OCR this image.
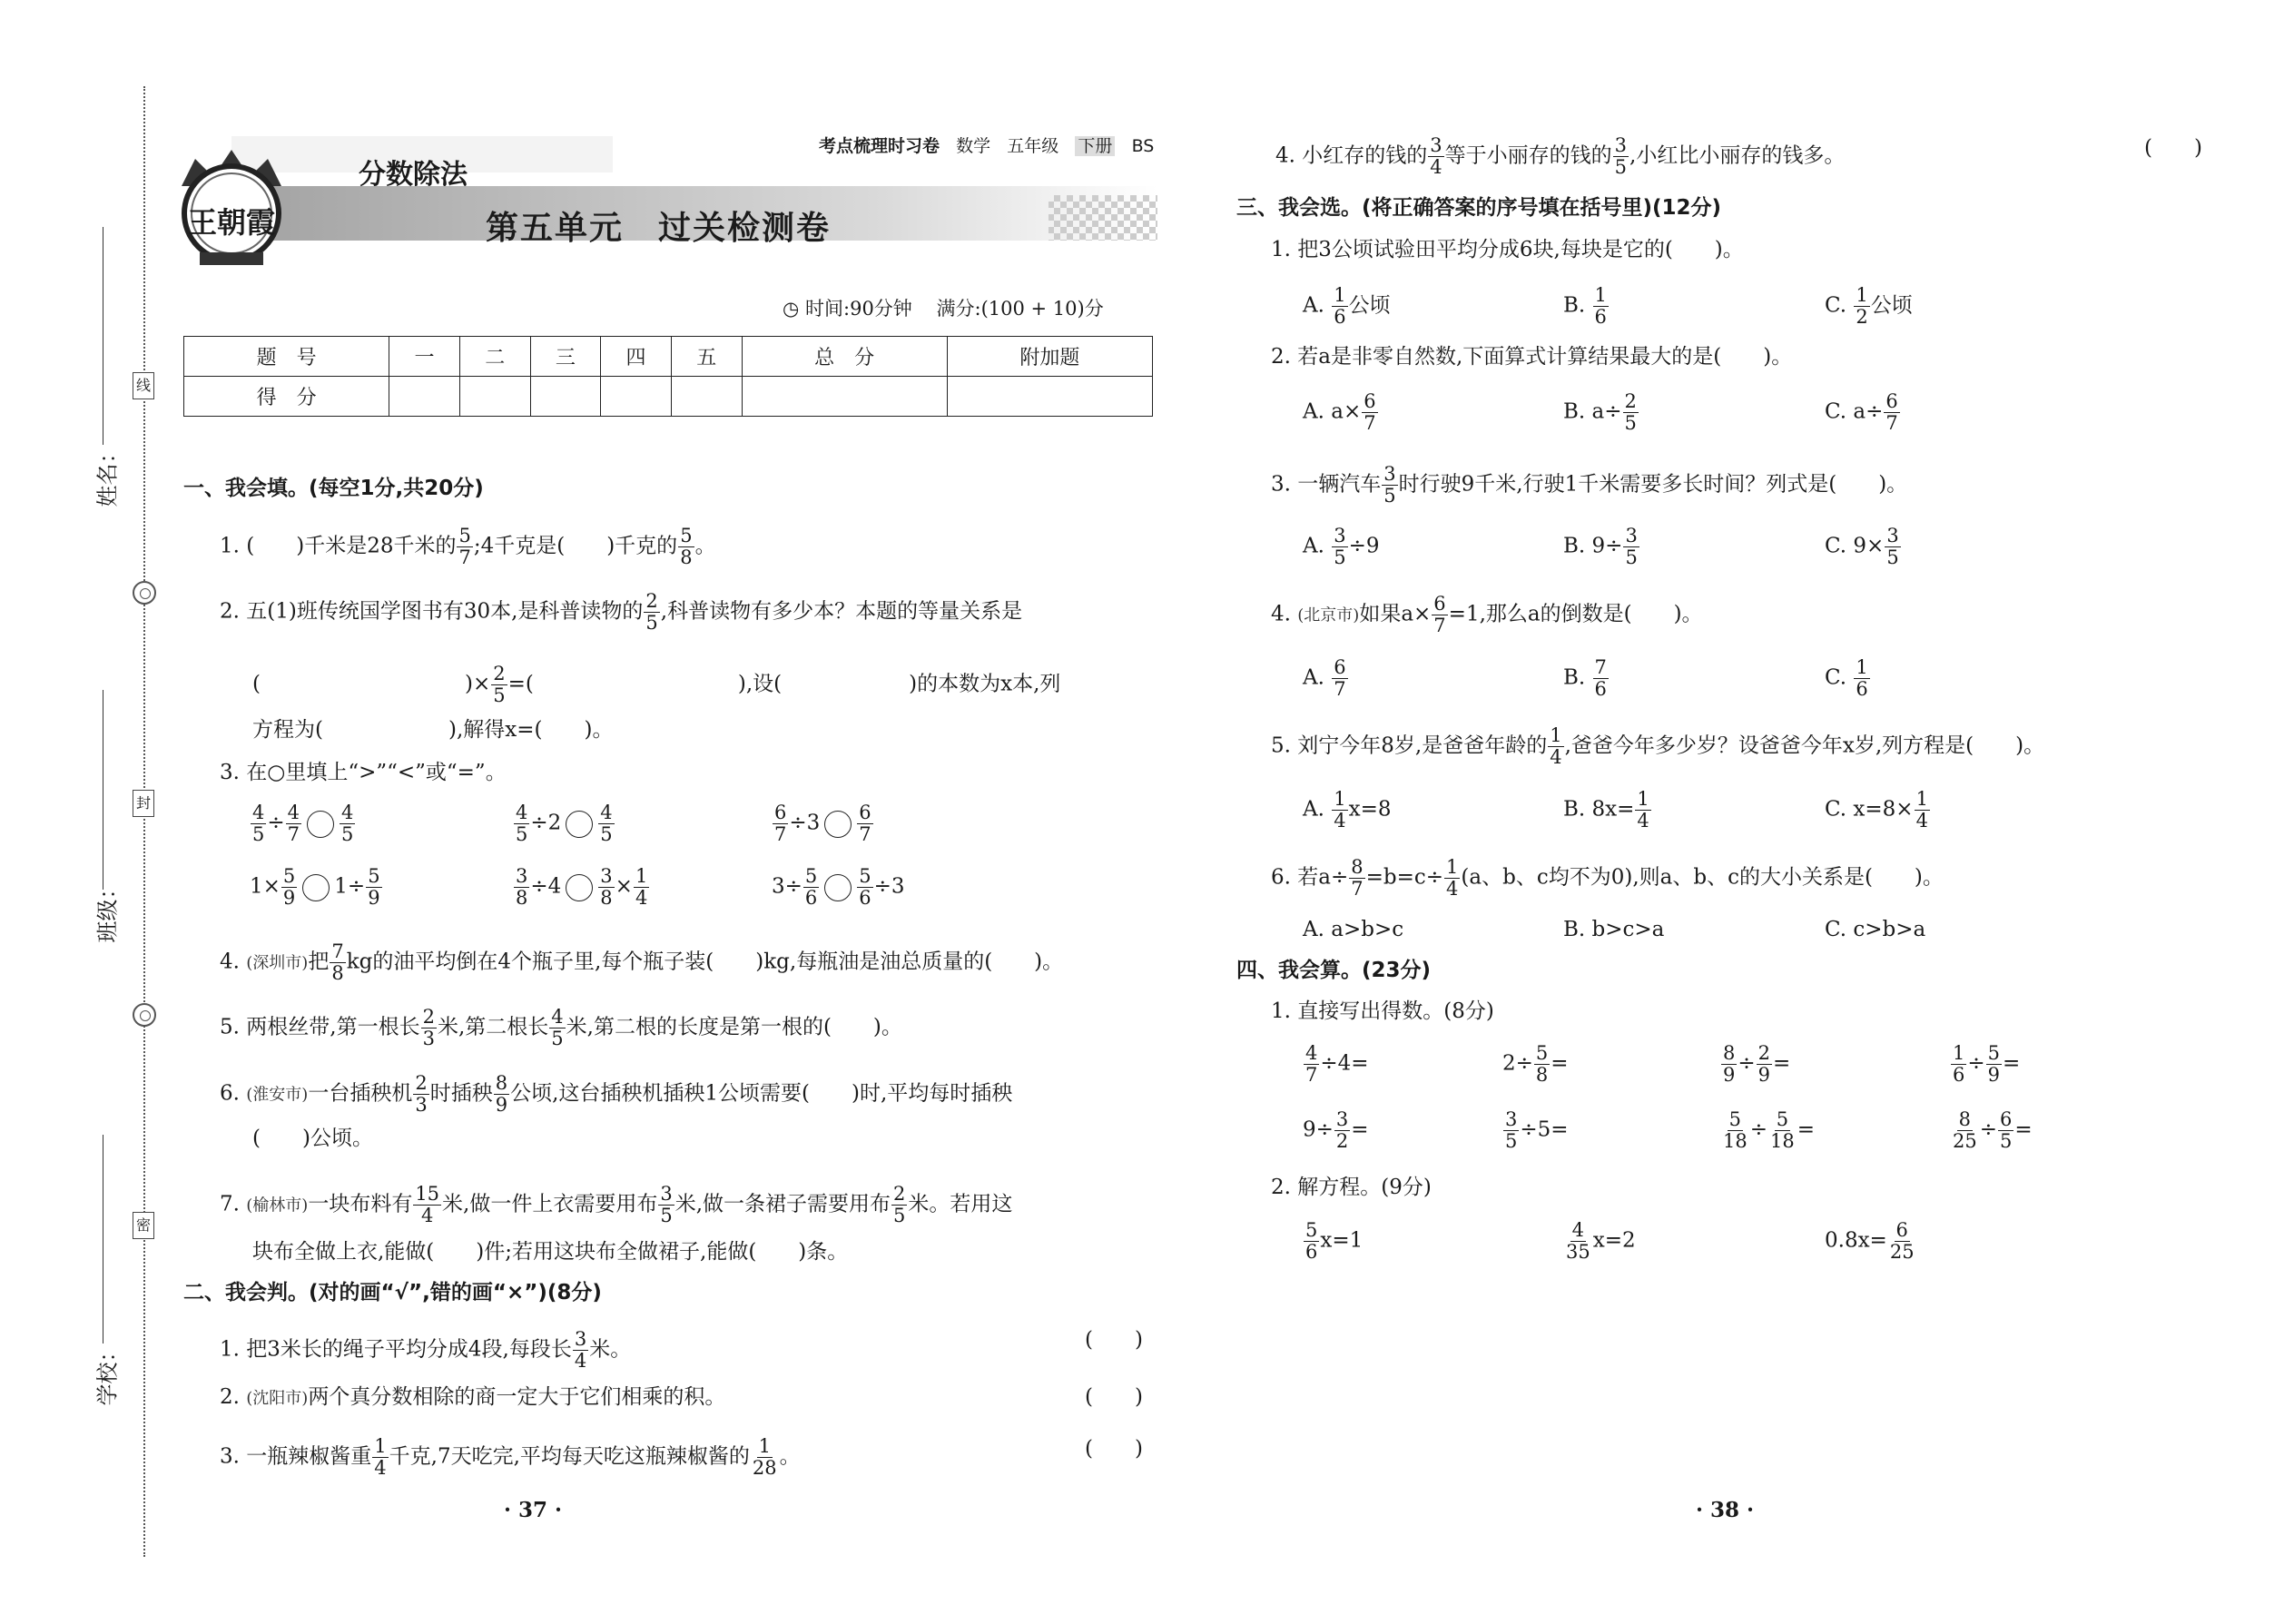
姓名：
班级：
学校：
线
封
密
分数除法
第五单元　过关检测卷
王朝霞
考点梳理时习卷 数学 五年级 下册 BS
◷ 时间:90分钟 满分:(100 + 10)分
题　号	一	二	三	四	五	总　分	附加题
得　分							
一、我会填。(每空1分,共20分)
1. (　　)千米是28千米的 $\frac{5}{7}$ ;4千克是(　　)千克的 $\frac{5}{8}$ 。
2. 五(1)班传统国学图书有30本,是科普读物的 $\frac{2}{5}$ ,科普读物有多少本？本题的等量关系是
(	)× $\frac{2}{5}$ =(	),设(	)的本数为x本,列
方程为(　　　　　　),解得x=(　　)。
3. 在○里填上“>”“<”或“=”。
$\frac{4}{5} \div \frac{4}{7} \frac{4}{5}$	$\frac{4}{5} \div 2 \frac{4}{5}$	$\frac{6}{7} \div 3 \frac{6}{7}$
$1\times \frac{5}{9} 1\div \frac{5}{9}$	$\frac{3}{8} \div 4 \frac{3}{8} \times \frac{1}{4}$	$3\div \frac{5}{6} \frac{5}{6} \div 3$
4. (深圳市)把 $\frac{7}{8}$ kg的油平均倒在4个瓶子里,每个瓶子装(　　)kg,每瓶油是油总质量的(　　)。
5. 两根丝带,第一根长 $\frac{2}{3}$ 米,第二根长 $\frac{4}{5}$ 米,第二根的长度是第一根的(　　)。
6. (淮安市)一台插秧机 $\frac{2}{3}$ 时插秧 $\frac{8}{9}$ 公顷,这台插秧机插秧1公顷需要(　　)时,平均每时插秧
(　　)公顷。
7. (榆林市)一块布料有 $\frac{15}{4}$ 米,做一件上衣需要用布 $\frac{3}{5}$ 米,做一条裙子需要用布 $\frac{2}{5}$ 米。若用这
块布全做上衣,能做(　　)件;若用这块布全做裙子,能做(　　)条。
二、我会判。(对的画“√”,错的画“×”)(8分)
1. 把3米长的绳子平均分成4段,每段长 $\frac{3}{4}$ 米。	(　　)
2. (沈阳市)两个真分数相除的商一定大于它们相乘的积。	(　　)
3. 一瓶辣椒酱重 $\frac{1}{4}$ 千克,7天吃完,平均每天吃这瓶辣椒酱的 $\frac{1}{28}$ 。	(　　)
· 37 ·
4. 小红存的钱的 $\frac{3}{4}$ 等于小丽存的钱的 $\frac{3}{5}$ ,小红比小丽存的钱多。	(　　)
三、我会选。(将正确答案的序号填在括号里)(12分)
1. 把3公顷试验田平均分成6块,每块是它的(　　)。
A. $\frac{1}{6}$ 公顷	B. $\frac{1}{6}$	C. $\frac{1}{2}$ 公顷
2. 若a是非零自然数,下面算式计算结果最大的是(　　)。
A. $a\times \frac{6}{7}$	B. $a\div \frac{2}{5}$	C. $a\div \frac{6}{7}$
3. 一辆汽车 $\frac{3}{5}$ 时行驶9千米,行驶1千米需要多长时间？列式是(　　)。
A. $\frac{3}{5} \div 9$	B. $9\div \frac{3}{5}$	C. $9\times \frac{3}{5}$
4. (北京市)如果$a\times \frac{6}{7} =1$,那么a的倒数是(　　)。
A. $\frac{6}{7}$	B. $\frac{7}{6}$	C. $\frac{1}{6}$
5. 刘宁今年8岁,是爸爸年龄的 $\frac{1}{4}$ ,爸爸今年多少岁？设爸爸今年x岁,列方程是(　　)。
A. $\frac{1}{4} x=8$	B. $8x= \frac{1}{4}$	C. $x=8\times \frac{1}{4}$
6. 若$a\div \frac{8}{7} =b=c\div \frac{1}{4} (a$、b、c均不为0),则a、b、c的大小关系是(　　)。
A. a>b>c	B. b>c>a	C. c>b>a
四、我会算。(23分)
1. 直接写出得数。(8分)
$\frac{4}{7} \div 4=$	$2\div \frac{5}{8}$ =	$\frac{8}{9} \div \frac{2}{9}$ =	$\frac{1}{6} \div \frac{5}{9}$ =
$9\div \frac{3}{2}$ =	$\frac{3}{5} \div 5=$	$\frac{5}{18} \div \frac{5}{18}$ =	$\frac{8}{25} \div \frac{6}{5}$ =
2. 解方程。(9分)
$\frac{5}{6} x=1$	$\frac{4}{35} x=2$	$0.8x= \frac{6}{25}$
· 38 ·
